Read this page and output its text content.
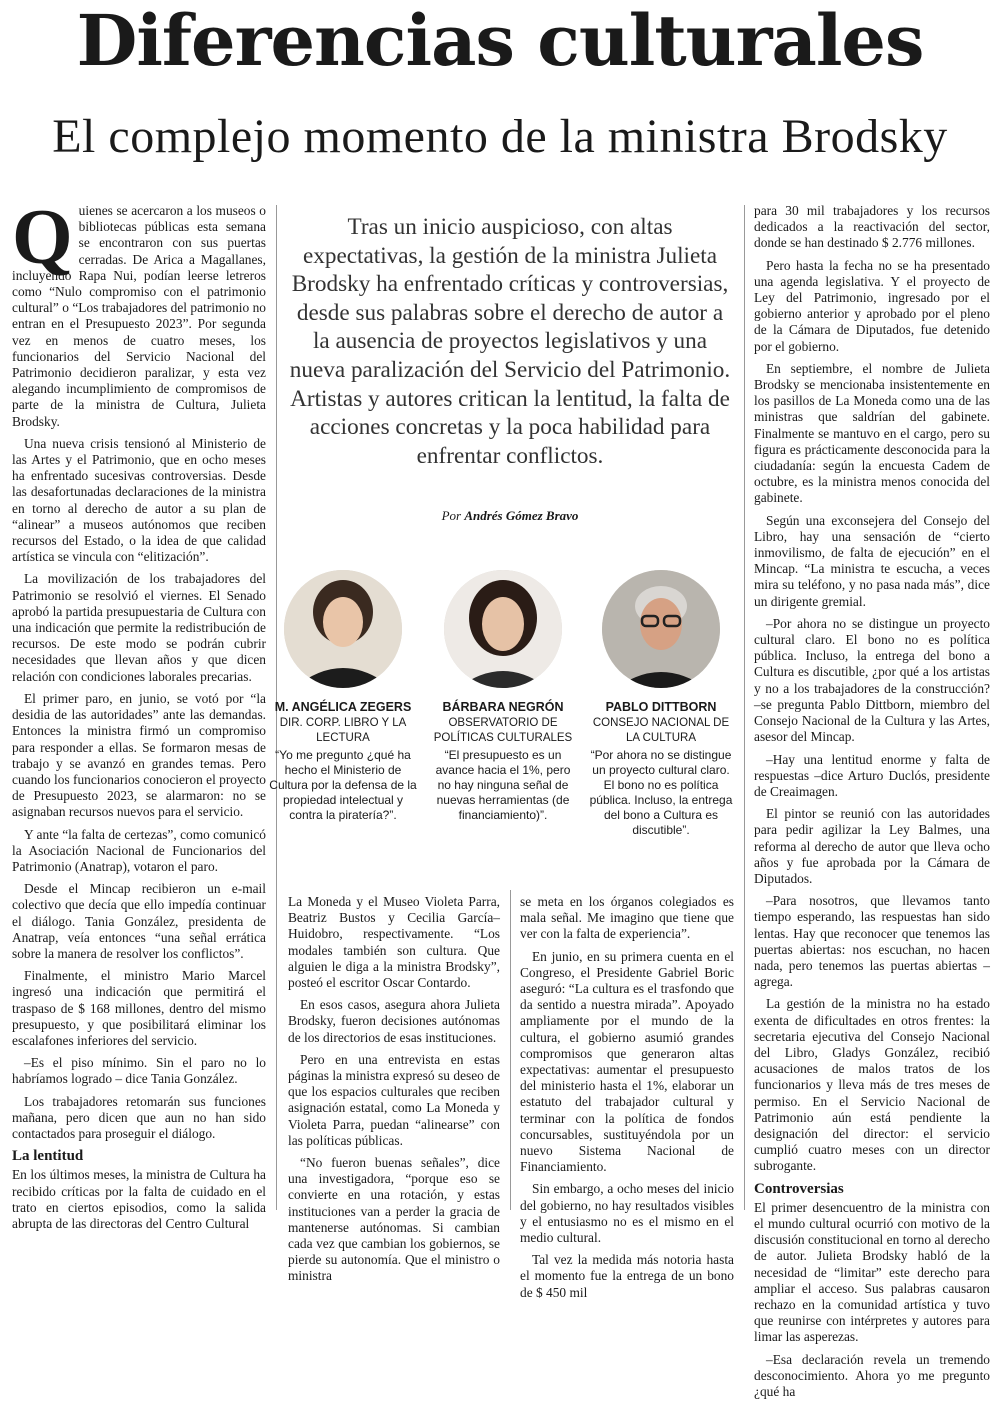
Diferencias culturales
El complejo momento de la ministra Brodsky

Quienes se acercaron a los museos o bibliotecas públicas esta semana se encontraron con sus puertas cerradas. De Arica a Magallanes, incluyendo Rapa Nui, podían leerse letreros como “Nulo compromiso con el patrimonio cultural” o “Los trabajadores del patrimonio no entran en el Presupuesto 2023”. Por segunda vez en menos de cuatro meses, los funcionarios del Servicio Nacional del Patrimonio decidieron paralizar, y esta vez alegando incumplimiento de compromisos de parte de la ministra de Cultura, Julieta Brodsky.

Una nueva crisis tensionó al Ministerio de las Artes y el Patrimonio, que en ocho meses ha enfrentado sucesivas controversias. Desde las desafortunadas declaraciones de la ministra en torno al derecho de autor a su plan de “alinear” a museos autónomos que reciben recursos del Estado, o la idea de que calidad artística se vincula con “elitización”.

La movilización de los trabajadores del Patrimonio se resolvió el viernes. El Senado aprobó la partida presupuestaria de Cultura con una indicación que permite la redistribución de recursos. De este modo se podrán cubrir necesidades que llevan años y que dicen relación con condiciones laborales precarias.

El primer paro, en junio, se votó por “la desidia de las autoridades” ante las demandas. Entonces la ministra firmó un compromiso para responder a ellas. Se formaron mesas de trabajo y se avanzó en grandes temas. Pero cuando los funcionarios conocieron el proyecto de Presupuesto 2023, se alarmaron: no se asignaban recursos nuevos para el servicio.

Y ante “la falta de certezas”, como comunicó la Asociación Nacional de Funcionarios del Patrimonio (Anatrap), votaron el paro.

Desde el Mincap recibieron un e-mail colectivo que decía que ello impedía continuar el diálogo. Tania González, presidenta de Anatrap, veía entonces “una señal errática sobre la manera de resolver los conflictos”.

Finalmente, el ministro Mario Marcel ingresó una indicación que permitirá el traspaso de $ 168 millones, dentro del mismo presupuesto, y que posibilitará eliminar los escalafones inferiores del servicio.

–Es el piso mínimo. Sin el paro no lo habríamos logrado – dice Tania González.

Los trabajadores retomarán sus funciones mañana, pero dicen que aun no han sido contactados para proseguir el diálogo.

La lentitud

En los últimos meses, la ministra de Cultura ha recibido críticas por la falta de cuidado en el trato en ciertos episodios, como la salida abrupta de las directoras del Centro Cultural

Tras un inicio auspicioso, con altas expectativas, la gestión de la ministra Julieta Brodsky ha enfrentado críticas y controversias, desde sus palabras sobre el derecho de autor a la ausencia de proyectos legislativos y una nueva paralización del Servicio del Patrimonio. Artistas y autores critican la lentitud, la falta de acciones concretas y la poca habilidad para enfrentar conflictos.
Por Andrés Gómez Bravo
M. ANGÉLICA ZEGERS
DIR. CORP. LIBRO Y LA LECTURA
“Yo me pregunto ¿qué ha hecho el Ministerio de Cultura por la defensa de la propiedad intelectual y contra la piratería?”.
BÁRBARA NEGRÓN
OBSERVATORIO DE POLÍTICAS CULTURALES
“El presupuesto es un avance hacia el 1%, pero no hay ninguna señal de nuevas herramientas (de financiamiento)”.
PABLO DITTBORN
CONSEJO NACIONAL DE LA CULTURA
“Por ahora no se distingue un proyecto cultural claro. El bono no es política pública. Incluso, la entrega del bono a Cultura es discutible”.

La Moneda y el Museo Violeta Parra, Beatriz Bustos y Cecilia García–Huidobro, respectivamente. “Los modales también son cultura. Que alguien le diga a la ministra Brodsky”, posteó el escritor Oscar Contardo.

En esos casos, asegura ahora Julieta Brodsky, fueron decisiones autónomas de los directorios de esas instituciones.

Pero en una entrevista en estas páginas la ministra expresó su deseo de que los espacios culturales que reciben asignación estatal, como La Moneda y Violeta Parra, puedan “alinearse” con las políticas públicas.

“No fueron buenas señales”, dice una investigadora, “porque eso se convierte en una rotación, y estas instituciones van a perder la gracia de mantenerse autónomas. Si cambian cada vez que cambian los gobiernos, se pierde su autonomía. Que el ministro o ministra

se meta en los órganos colegiados es mala señal. Me imagino que tiene que ver con la falta de experiencia”.

En junio, en su primera cuenta en el Congreso, el Presidente Gabriel Boric aseguró: “La cultura es el trasfondo que da sentido a nuestra mirada”. Apoyado ampliamente por el mundo de la cultura, el gobierno asumió grandes compromisos que generaron altas expectativas: aumentar el presupuesto del ministerio hasta el 1%, elaborar un estatuto del trabajador cultural y terminar con la política de fondos concursables, sustituyéndola por un nuevo Sistema Nacional de Financiamiento.

Sin embargo, a ocho meses del inicio del gobierno, no hay resultados visibles y el entusiasmo no es el mismo en el medio cultural.

Tal vez la medida más notoria hasta el momento fue la entrega de un bono de $ 450 mil

para 30 mil trabajadores y los recursos dedicados a la reactivación del sector, donde se han destinado $ 2.776 millones.

Pero hasta la fecha no se ha presentado una agenda legislativa. Y el proyecto de Ley del Patrimonio, ingresado por el gobierno anterior y aprobado por el pleno de la Cámara de Diputados, fue detenido por el gobierno.

En septiembre, el nombre de Julieta Brodsky se mencionaba insistentemente en los pasillos de La Moneda como una de las ministras que saldrían del gabinete. Finalmente se mantuvo en el cargo, pero su figura es prácticamente desconocida para la ciudadanía: según la encuesta Cadem de octubre, es la ministra menos conocida del gabinete.

Según una exconsejera del Consejo del Libro, hay una sensación de “cierto inmovilismo, de falta de ejecución” en el Mincap. “La ministra te escucha, a veces mira su teléfono, y no pasa nada más”, dice un dirigente gremial.

–Por ahora no se distingue un proyecto cultural claro. El bono no es política pública. Incluso, la entrega del bono a Cultura es discutible, ¿por qué a los artistas y no a los trabajadores de la construcción? –se pregunta Pablo Dittborn, miembro del Consejo Nacional de la Cultura y las Artes, asesor del Mincap.

–Hay una lentitud enorme y falta de respuestas –dice Arturo Duclós, presidente de Creaimagen.

El pintor se reunió con las autoridades para pedir agilizar la Ley Balmes, una reforma al derecho de autor que lleva ocho años y fue aprobada por la Cámara de Diputados.

–Para nosotros, que llevamos tanto tiempo esperando, las respuestas han sido lentas. Hay que reconocer que tenemos las puertas abiertas: nos escuchan, no hacen nada, pero tenemos las puertas abiertas –agrega.

La gestión de la ministra no ha estado exenta de dificultades en otros frentes: la secretaria ejecutiva del Consejo Nacional del Libro, Gladys González, recibió acusaciones de malos tratos de los funcionarios y lleva más de tres meses de permiso. En el Servicio Nacional de Patrimonio aún está pendiente la designación del director: el servicio cumplió cuatro meses con un director subrogante.

Controversias

El primer desencuentro de la ministra con el mundo cultural ocurrió con motivo de la discusión constitucional en torno al derecho de autor. Julieta Brodsky habló de la necesidad de “limitar” este derecho para ampliar el acceso. Sus palabras causaron rechazo en la comunidad artística y tuvo que reunirse con intérpretes y autores para limar las asperezas.

–Esa declaración revela un tremendo desconocimiento. Ahora yo me pregunto ¿qué ha
